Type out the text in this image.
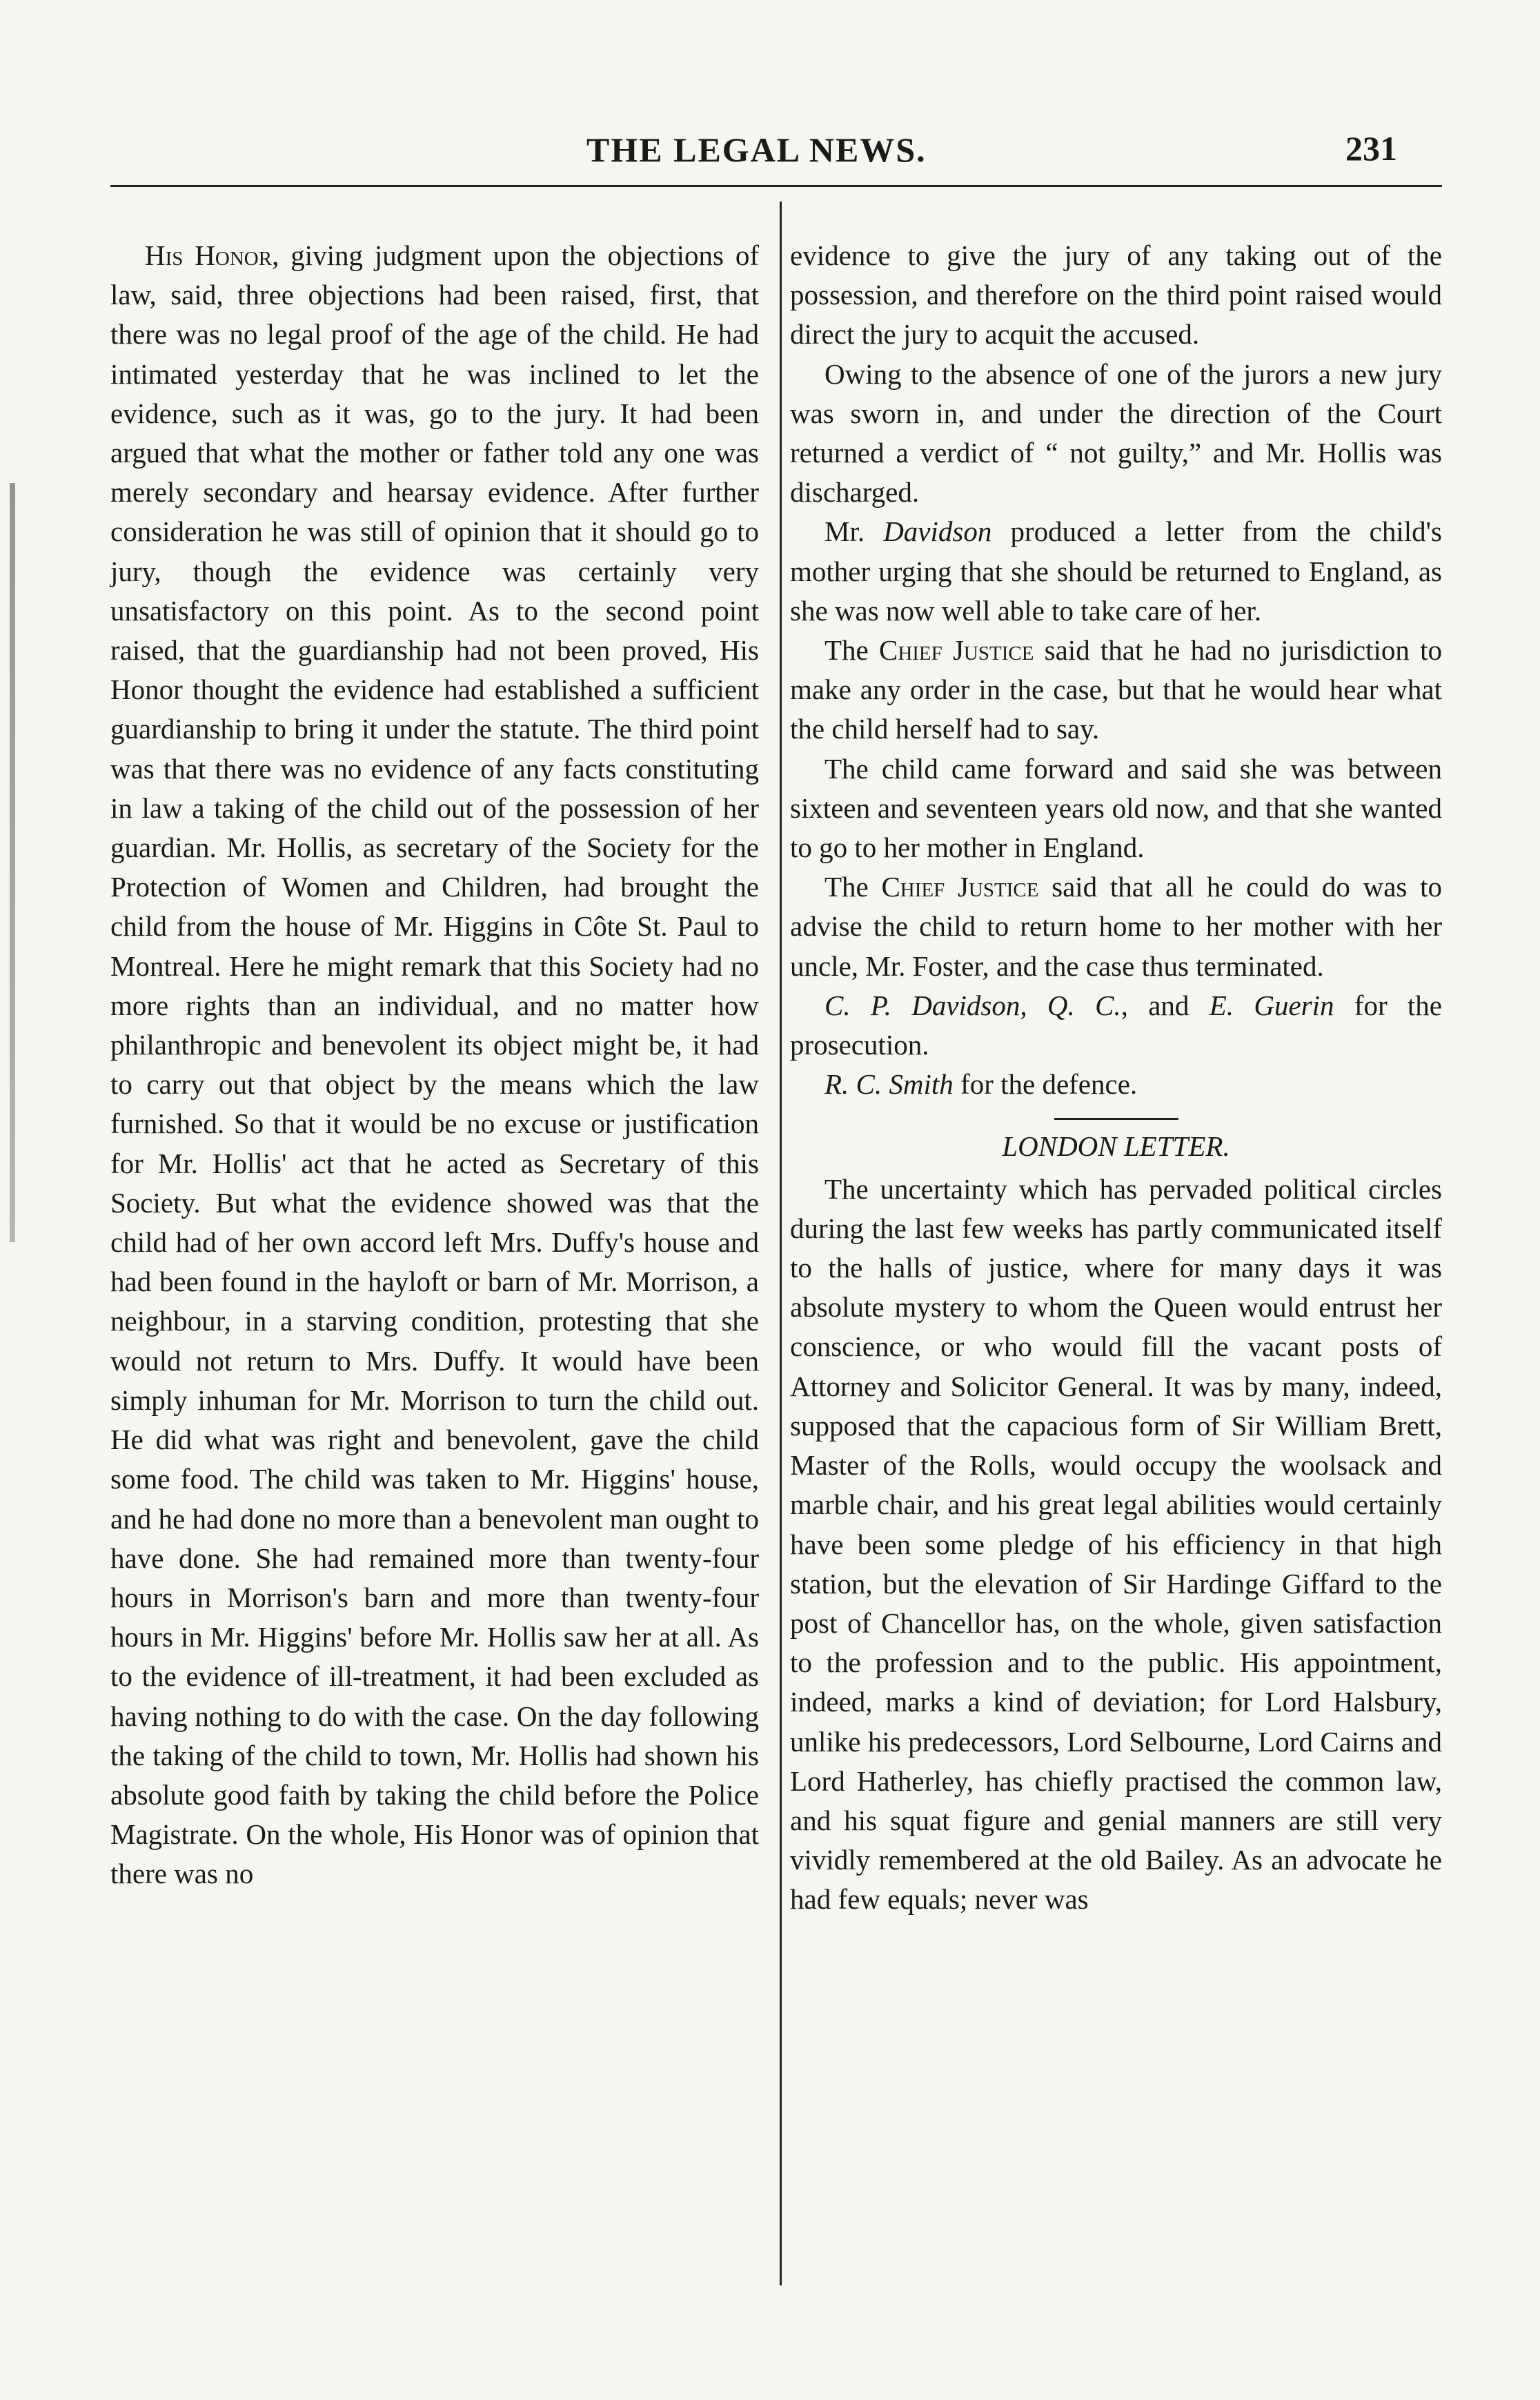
THE LEGAL NEWS.	231

His Honor, giving judgment upon the objections of law, said, three objections had been raised, first, that there was no legal proof of the age of the child. He had intimated yesterday that he was inclined to let the evidence, such as it was, go to the jury. It had been argued that what the mother or father told any one was merely secondary and hearsay evidence. After further consideration he was still of opinion that it should go to jury, though the evidence was certainly very unsatisfactory on this point. As to the second point raised, that the guardianship had not been proved, His Honor thought the evidence had established a sufficient guardianship to bring it under the statute. The third point was that there was no evidence of any facts constituting in law a taking of the child out of the possession of her guardian. Mr. Hollis, as secretary of the Society for the Protection of Women and Children, had brought the child from the house of Mr. Higgins in Côte St. Paul to Montreal. Here he might remark that this Society had no more rights than an individual, and no matter how philanthropic and benevolent its object might be, it had to carry out that object by the means which the law furnished. So that it would be no excuse or justification for Mr. Hollis' act that he acted as Secretary of this Society. But what the evidence showed was that the child had of her own accord left Mrs. Duffy's house and had been found in the hayloft or barn of Mr. Morrison, a neighbour, in a starving condition, protesting that she would not return to Mrs. Duffy. It would have been simply inhuman for Mr. Morrison to turn the child out. He did what was right and benevolent, gave the child some food. The child was taken to Mr. Higgins' house, and he had done no more than a benevolent man ought to have done. She had remained more than twenty-four hours in Morrison's barn and more than twenty-four hours in Mr. Higgins' before Mr. Hollis saw her at all. As to the evidence of ill-treatment, it had been excluded as having nothing to do with the case. On the day following the taking of the child to town, Mr. Hollis had shown his absolute good faith by taking the child before the Police Magistrate. On the whole, His Honor was of opinion that there was no

evidence to give the jury of any taking out of the possession, and therefore on the third point raised would direct the jury to acquit the accused.

Owing to the absence of one of the jurors a new jury was sworn in, and under the direction of the Court returned a verdict of “ not guilty,” and Mr. Hollis was discharged.

Mr. Davidson produced a letter from the child's mother urging that she should be returned to England, as she was now well able to take care of her.

The Chief Justice said that he had no jurisdiction to make any order in the case, but that he would hear what the child herself had to say.

The child came forward and said she was between sixteen and seventeen years old now, and that she wanted to go to her mother in England.

The Chief Justice said that all he could do was to advise the child to return home to her mother with her uncle, Mr. Foster, and the case thus terminated.

C. P. Davidson, Q. C., and E. Guerin for the prosecution.

R. C. Smith for the defence.

LONDON LETTER.

The uncertainty which has pervaded political circles during the last few weeks has partly communicated itself to the halls of justice, where for many days it was absolute mystery to whom the Queen would entrust her conscience, or who would fill the vacant posts of Attorney and Solicitor General. It was by many, indeed, supposed that the capacious form of Sir William Brett, Master of the Rolls, would occupy the woolsack and marble chair, and his great legal abilities would certainly have been some pledge of his efficiency in that high station, but the elevation of Sir Hardinge Giffard to the post of Chancellor has, on the whole, given satisfaction to the profession and to the public. His appointment, indeed, marks a kind of deviation; for Lord Halsbury, unlike his predecessors, Lord Selbourne, Lord Cairns and Lord Hatherley, has chiefly practised the common law, and his squat figure and genial manners are still very vividly remembered at the old Bailey. As an advocate he had few equals; never was
